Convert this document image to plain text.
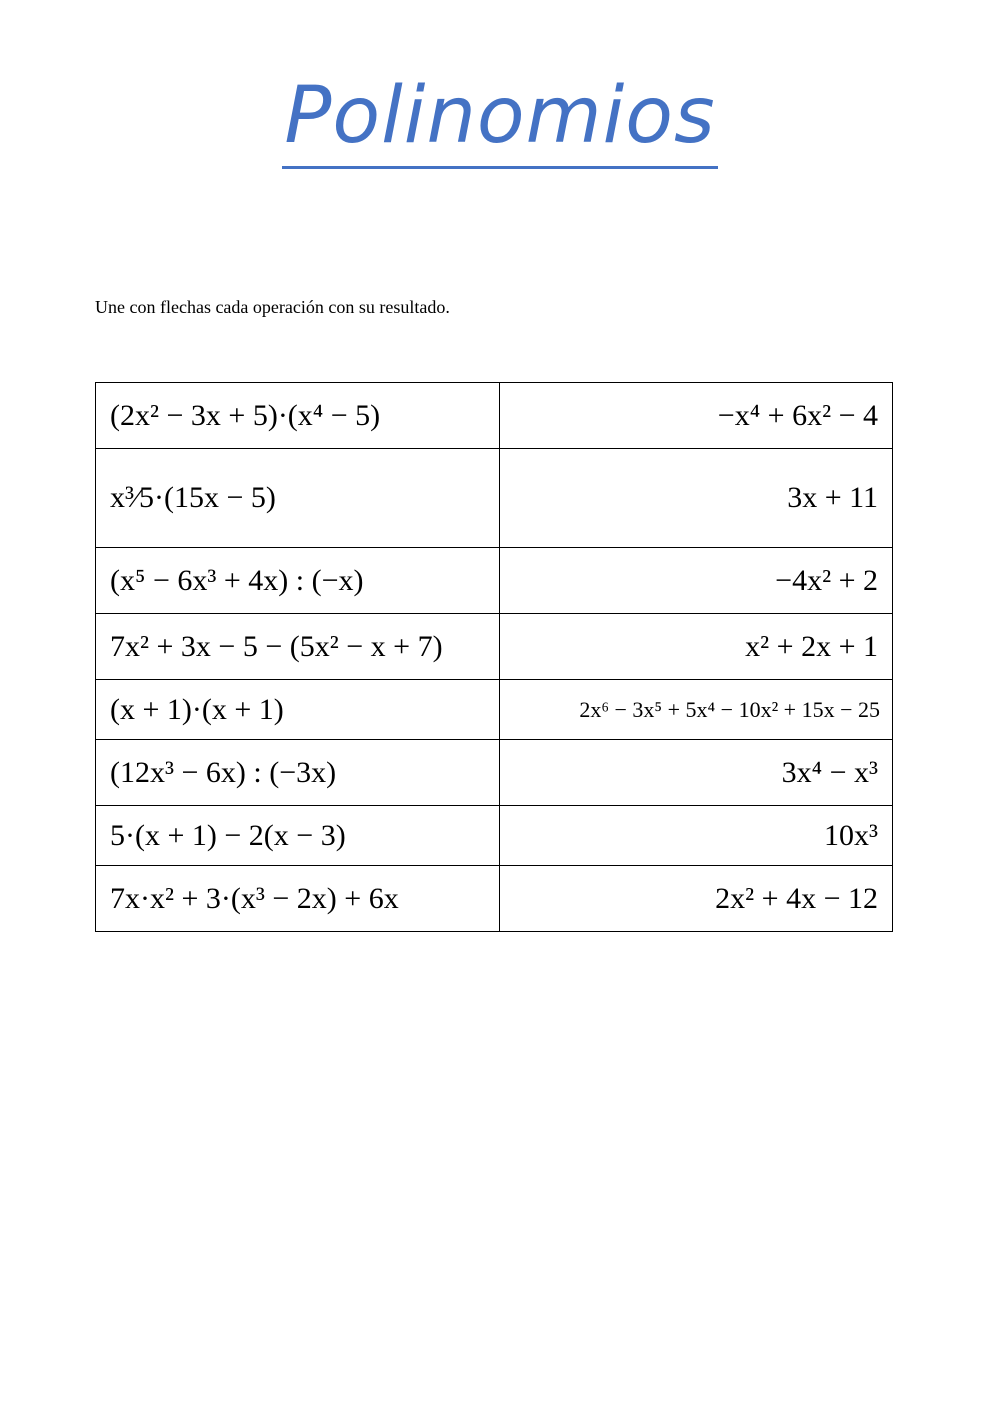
Polinomios

Une con flechas cada operación con su resultado.

(2x² − 3x + 5)·(x⁴ − 5)	−x⁴ + 6x² − 4
x³⁄5·(15x − 5)	3x + 11
(x⁵ − 6x³ + 4x) : (−x)	−4x² + 2
7x² + 3x − 5 − (5x² − x + 7)	x² + 2x + 1
(x + 1)·(x + 1)	2x⁶ − 3x⁵ + 5x⁴ − 10x² + 15x − 25
(12x³ − 6x) : (−3x)	3x⁴ − x³
5·(x + 1) − 2(x − 3)	10x³
7x·x² + 3·(x³ − 2x) + 6x	2x² + 4x − 12
